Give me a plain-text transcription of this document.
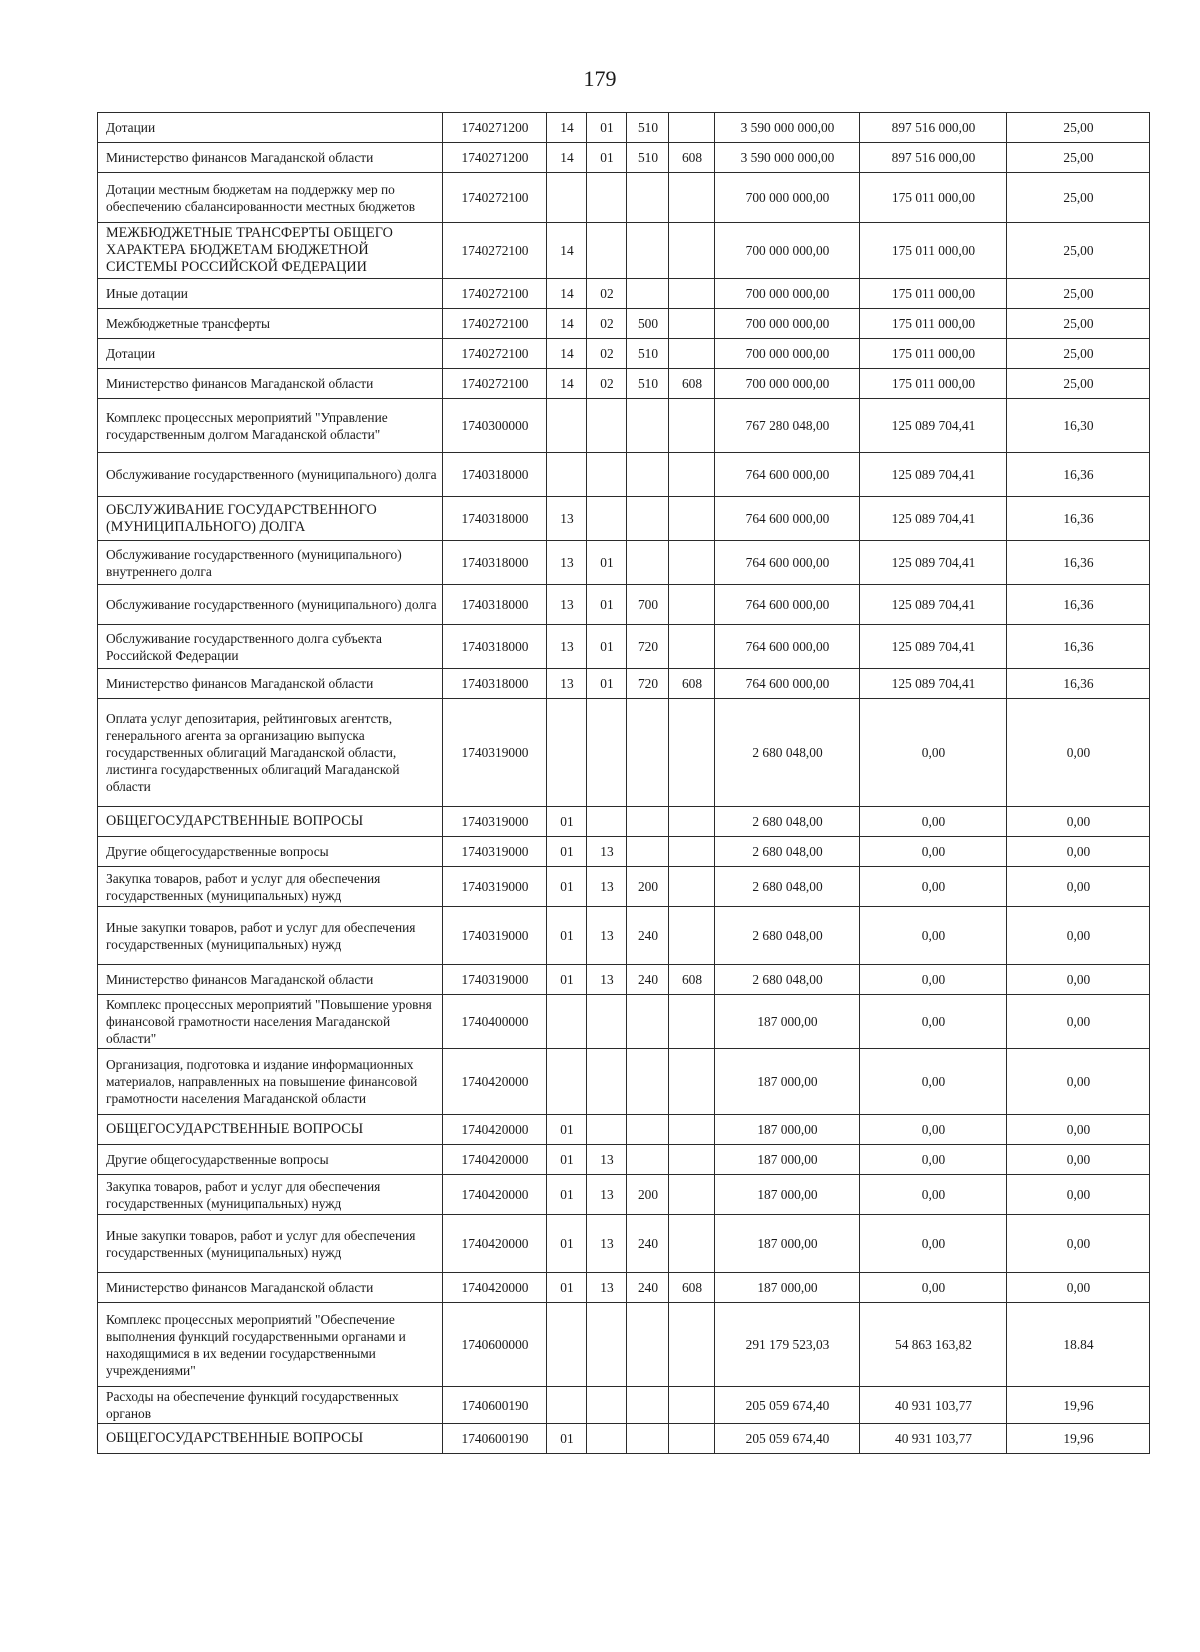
179
Дотации	1740271200	14	01	510		3 590 000 000,00	897 516 000,00	25,00
Министерство финансов Магаданской области	1740271200	14	01	510	608	3 590 000 000,00	897 516 000,00	25,00
Дотации местным бюджетам на поддержку мер по обеспечению сбалансированности местных бюджетов	1740272100					700 000 000,00	175 011 000,00	25,00
МЕЖБЮДЖЕТНЫЕ ТРАНСФЕРТЫ ОБЩЕГО ХАРАКТЕРА БЮДЖЕТАМ БЮДЖЕТНОЙ СИСТЕМЫ РОССИЙСКОЙ ФЕДЕРАЦИИ	1740272100	14				700 000 000,00	175 011 000,00	25,00
Иные дотации	1740272100	14	02			700 000 000,00	175 011 000,00	25,00
Межбюджетные трансферты	1740272100	14	02	500		700 000 000,00	175 011 000,00	25,00
Дотации	1740272100	14	02	510		700 000 000,00	175 011 000,00	25,00
Министерство финансов Магаданской области	1740272100	14	02	510	608	700 000 000,00	175 011 000,00	25,00
Комплекс процессных мероприятий "Управление государственным долгом Магаданской области"	1740300000					767 280 048,00	125 089 704,41	16,30
Обслуживание государственного (муниципального) долга	1740318000					764 600 000,00	125 089 704,41	16,36
ОБСЛУЖИВАНИЕ ГОСУДАРСТВЕННОГО (МУНИЦИПАЛЬНОГО) ДОЛГА	1740318000	13				764 600 000,00	125 089 704,41	16,36
Обслуживание государственного (муниципального) внутреннего долга	1740318000	13	01			764 600 000,00	125 089 704,41	16,36
Обслуживание государственного (муниципального) долга	1740318000	13	01	700		764 600 000,00	125 089 704,41	16,36
Обслуживание государственного долга субъекта Российской Федерации	1740318000	13	01	720		764 600 000,00	125 089 704,41	16,36
Министерство финансов Магаданской области	1740318000	13	01	720	608	764 600 000,00	125 089 704,41	16,36
Оплата услуг депозитария, рейтинговых агентств, генерального агента за организацию выпуска государственных облигаций Магаданской области, листинга государственных облигаций Магаданской области	1740319000					2 680 048,00	0,00	0,00
ОБЩЕГОСУДАРСТВЕННЫЕ ВОПРОСЫ	1740319000	01				2 680 048,00	0,00	0,00
Другие общегосударственные вопросы	1740319000	01	13			2 680 048,00	0,00	0,00
Закупка товаров, работ и услуг для обеспечения государственных (муниципальных) нужд	1740319000	01	13	200		2 680 048,00	0,00	0,00
Иные закупки товаров, работ и услуг для обеспечения государственных (муниципальных) нужд	1740319000	01	13	240		2 680 048,00	0,00	0,00
Министерство финансов Магаданской области	1740319000	01	13	240	608	2 680 048,00	0,00	0,00
Комплекс процессных мероприятий "Повышение уровня финансовой грамотности населения Магаданской области"	1740400000					187 000,00	0,00	0,00
Организация, подготовка и издание информационных материалов, направленных на повышение финансовой грамотности населения Магаданской области	1740420000					187 000,00	0,00	0,00
ОБЩЕГОСУДАРСТВЕННЫЕ ВОПРОСЫ	1740420000	01				187 000,00	0,00	0,00
Другие общегосударственные вопросы	1740420000	01	13			187 000,00	0,00	0,00
Закупка товаров, работ и услуг для обеспечения государственных (муниципальных) нужд	1740420000	01	13	200		187 000,00	0,00	0,00
Иные закупки товаров, работ и услуг для обеспечения государственных (муниципальных) нужд	1740420000	01	13	240		187 000,00	0,00	0,00
Министерство финансов Магаданской области	1740420000	01	13	240	608	187 000,00	0,00	0,00
Комплекс процессных мероприятий "Обеспечение выполнения функций государственными органами и находящимися в их ведении государственными учреждениями"	1740600000					291 179 523,03	54 863 163,82	18.84
Расходы на обеспечение функций государственных органов	1740600190					205 059 674,40	40 931 103,77	19,96
ОБЩЕГОСУДАРСТВЕННЫЕ ВОПРОСЫ	1740600190	01				205 059 674,40	40 931 103,77	19,96
